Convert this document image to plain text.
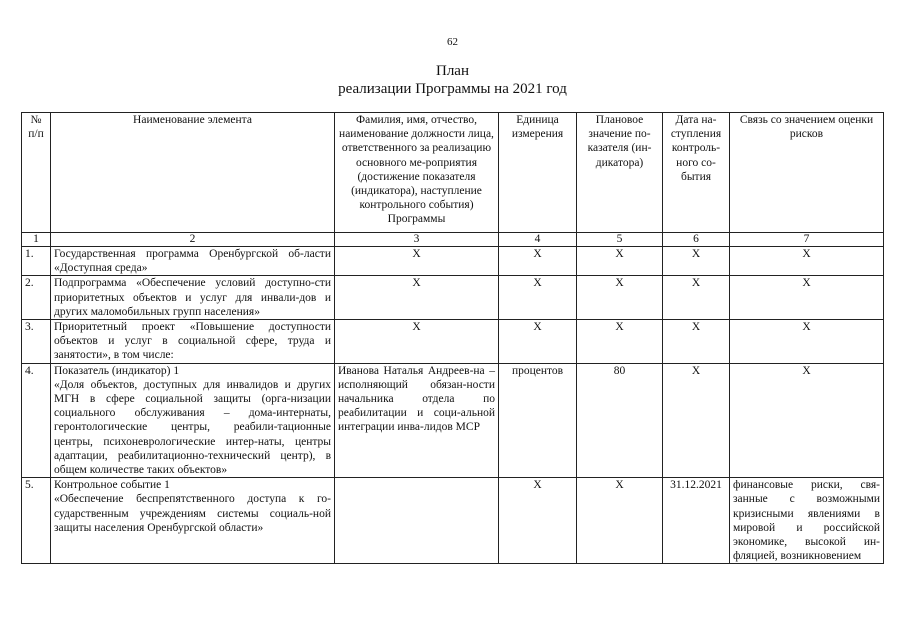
62
План
реализации Программы на 2021 год
№
п/п	Наименование элемента	Фамилия, имя, отчество, наименование должности лица, ответственного за реализацию основного ме-роприятия (достижение показателя (индикатора), наступление контрольного события) Программы	Единица измерения	Плановое значение по-казателя (ин-дикатора)	Дата на-ступления контроль-ного со-бытия	Связь со значением оценки рисков
1	2	3	4	5	6	7
1.	Государственная программа Оренбургской об-ласти «Доступная среда»	X	X	X	X	X
2.	Подпрограмма «Обеспечение условий доступно-сти приоритетных объектов и услуг для инвали-дов и других маломобильных групп населения»	X	X	X	X	X
3.	Приоритетный проект «Повышение доступности объектов и услуг в социальной сфере, труда и занятости», в том числе:	X	X	X	X	X
4.	Показатель (индикатор) 1
«Доля объектов, доступных для инвалидов и других МГН в сфере социальной защиты (орга-низации социального обслуживания – дома-интернаты, геронтологические центры, реабили-тационные центры, психоневрологические интер-наты, центры адаптации, реабилитационно-технический центр), в общем количестве таких объектов»	Иванова Наталья Андреев-на – исполняющий обязан-ности начальника отдела по реабилитации и соци-альной интеграции инва-лидов МСР	процентов	80	X	X
5.	Контрольное событие 1
«Обеспечение беспрепятственного доступа к го-сударственным учреждениям системы социаль-ной защиты населения Оренбургской области»		X	X	31.12.2021	финансовые риски, свя-занные с возможными кризисными явлениями в мировой и российской экономике, высокой ин-фляцией, возникновением
